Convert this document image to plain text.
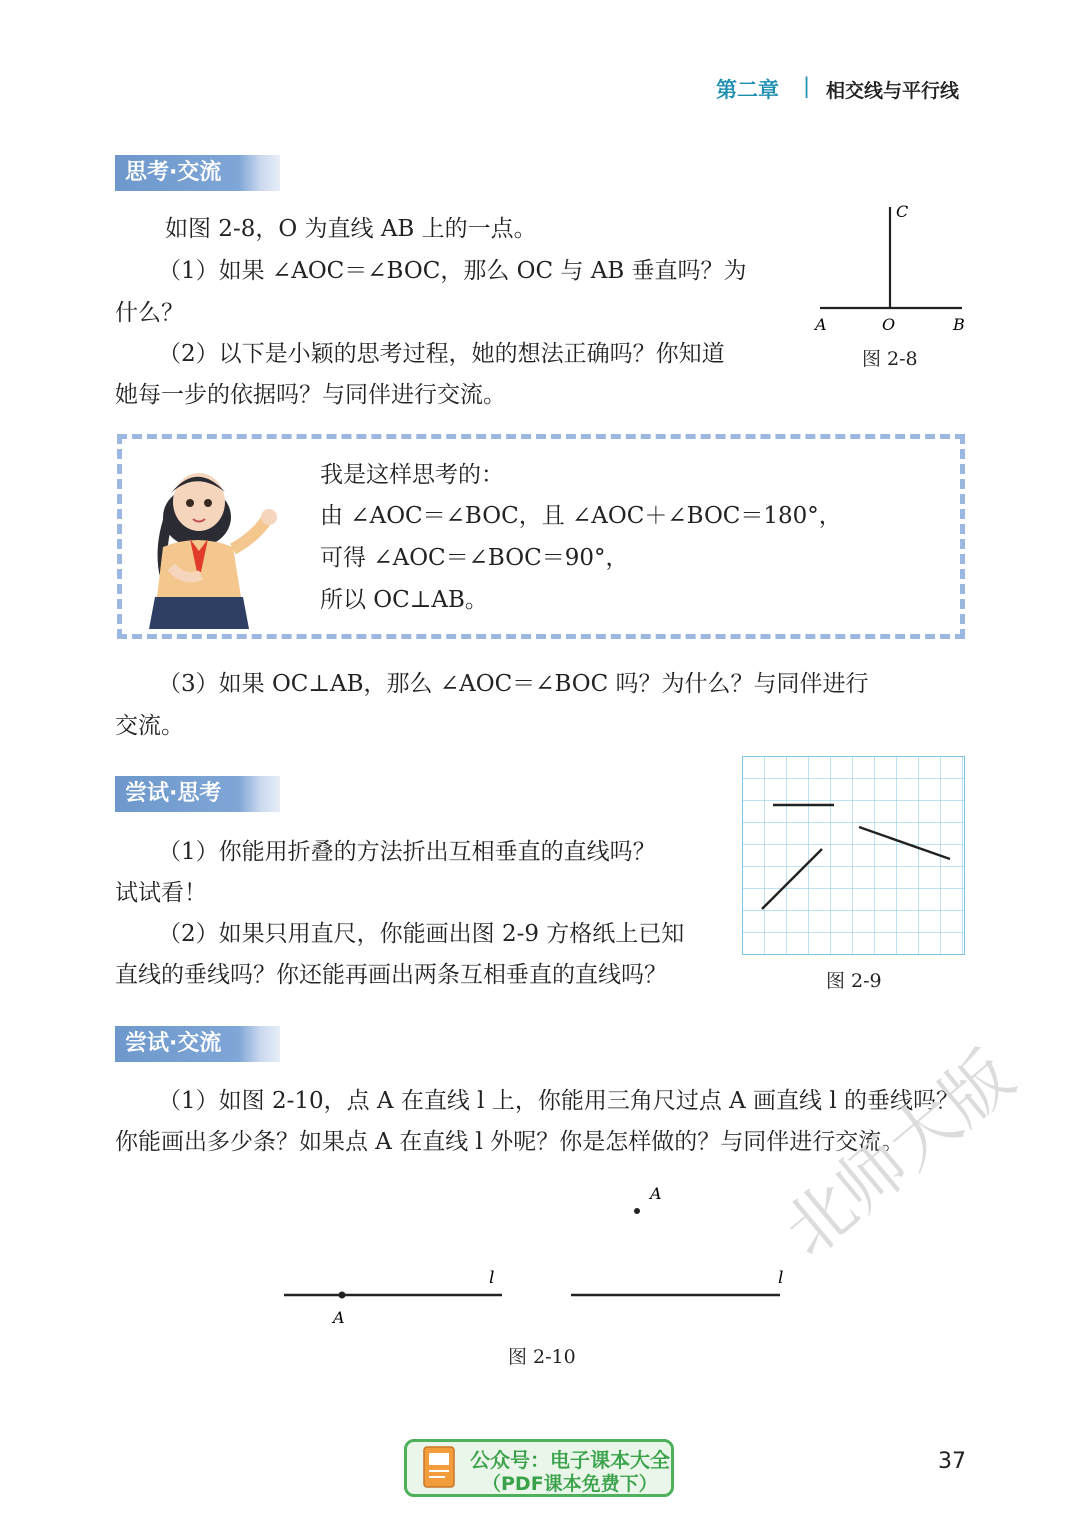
第二章 | 相交线与平行线
思考·交流
如图 2-8，O 为直线 AB 上的一点。
（1）如果 ∠AOC＝∠BOC，那么 OC 与 AB 垂直吗？为
什么？
（2）以下是小颖的思考过程，她的想法正确吗？你知道
她每一步的依据吗？与同伴进行交流。
A	O	B
C
图 2-8
我是这样思考的：
由 ∠AOC＝∠BOC，且 ∠AOC＋∠BOC＝180°，
可得 ∠AOC＝∠BOC＝90°，
所以 OC⊥AB。
（3）如果 OC⊥AB，那么 ∠AOC＝∠BOC 吗？为什么？与同伴进行
交流。
尝试·思考
（1）你能用折叠的方法折出互相垂直的直线吗？
试试看！
（2）如果只用直尺，你能画出图 2-9 方格纸上已知
直线的垂线吗？你还能再画出两条互相垂直的直线吗？	图 2-9
尝试·交流
（1）如图 2-10，点 A 在直线 l 上，你能用三角尺过点 A 画直线 l 的垂线吗？
你能画出多少条？如果点 A 在直线 l 外呢？你是怎样做的？与同伴进行交流。
A
l
A
l
图 2-10
北师大版
公众号：电子课本大全
（PDF课本免费下）
37
